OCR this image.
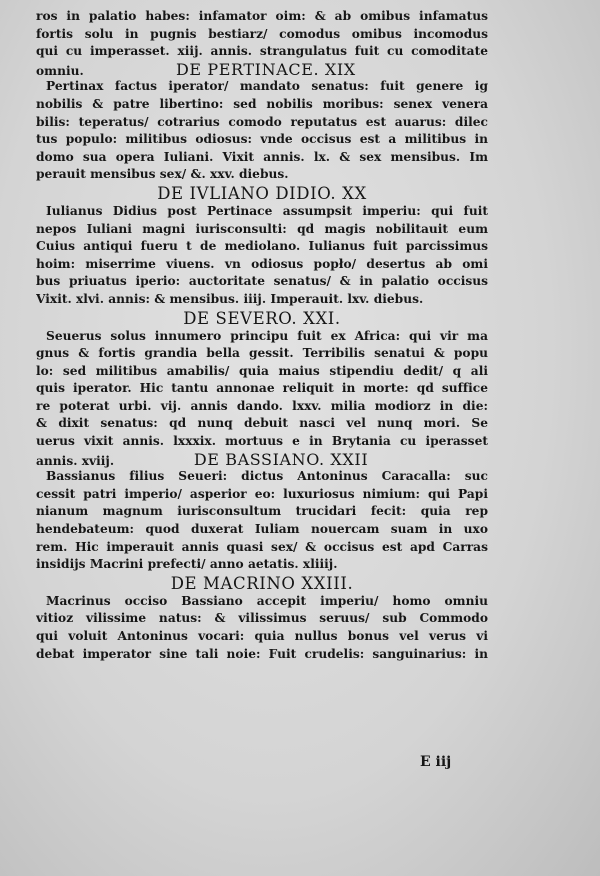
ros in palatio habes: infamator oim: & ab omibus infamatus
fortis solu in pugnis bestiarz/ comodus omibus incomodus
qui cu imperasset. xiij. annis. strangulatus fuit cu comoditate
omniu.	DE PERTINACE. XIX
Pertinax factus iperator/ mandato senatus: fuit genere ig
nobilis & patre libertino: sed nobilis moribus: senex venera
bilis: teperatus/ cotrarius comodo reputatus est auarus: dilec
tus populo: militibus odiosus: vnde occisus est a militibus in
domo sua opera Iuliani. Vixit annis. lx. & sex mensibus. Im
perauit mensibus sex/ &. xxv. diebus.
DE IVLIANO DIDIO. XX
Iulianus Didius post Pertinace assumpsit imperiu: qui fuit
nepos Iuliani magni iurisconsulti: qd magis nobilitauit eum
Cuius antiqui fueru t de mediolano. Iulianus fuit parcissimus
hoim: miserrime viuens. vn odiosus popło/ desertus ab omi
bus priuatus iperio: auctoritate senatus/ & in palatio occisus
Vixit. xlvi. annis: & mensibus. iiij. Imperauit. lxv. diebus.
DE SEVERO. XXI.
Seuerus solus innumero principu fuit ex Africa: qui vir ma
gnus & fortis grandia bella gessit. Terribilis senatui & popu
lo: sed militibus amabilis/ quia maius stipendiu dedit/ q ali
quis iperator. Hic tantu annonae reliquit in morte: qd suffice
re poterat urbi. vij. annis dando. lxxv. milia modiorz in die:
& dixit senatus: qd nunq debuit nasci vel nunq mori. Se
uerus vixit annis. lxxxix. mortuus e in Brytania cu iperasset
annis. xviij.	DE BASSIANO. XXII
Bassianus filius Seueri: dictus Antoninus Caracalla: suc
cessit patri imperio/ asperior eo: luxuriosus nimium: qui Papi
nianum magnum iurisconsultum trucidari fecit: quia rep
hendebateum: quod duxerat Iuliam nouercam suam in uxo
rem. Hic imperauit annis quasi sex/ & occisus est apd Carras
insidijs Macrini prefecti/ anno aetatis. xliiij.
DE MACRINO XXIII.
Macrinus occiso Bassiano accepit imperiu/ homo omniu
vitioz vilissime natus: & vilissimus seruus/ sub Commodo
qui voluit Antoninus vocari: quia nullus bonus vel verus vi
debat imperator sine tali noie: Fuit crudelis: sanguinarius: in
E iij
